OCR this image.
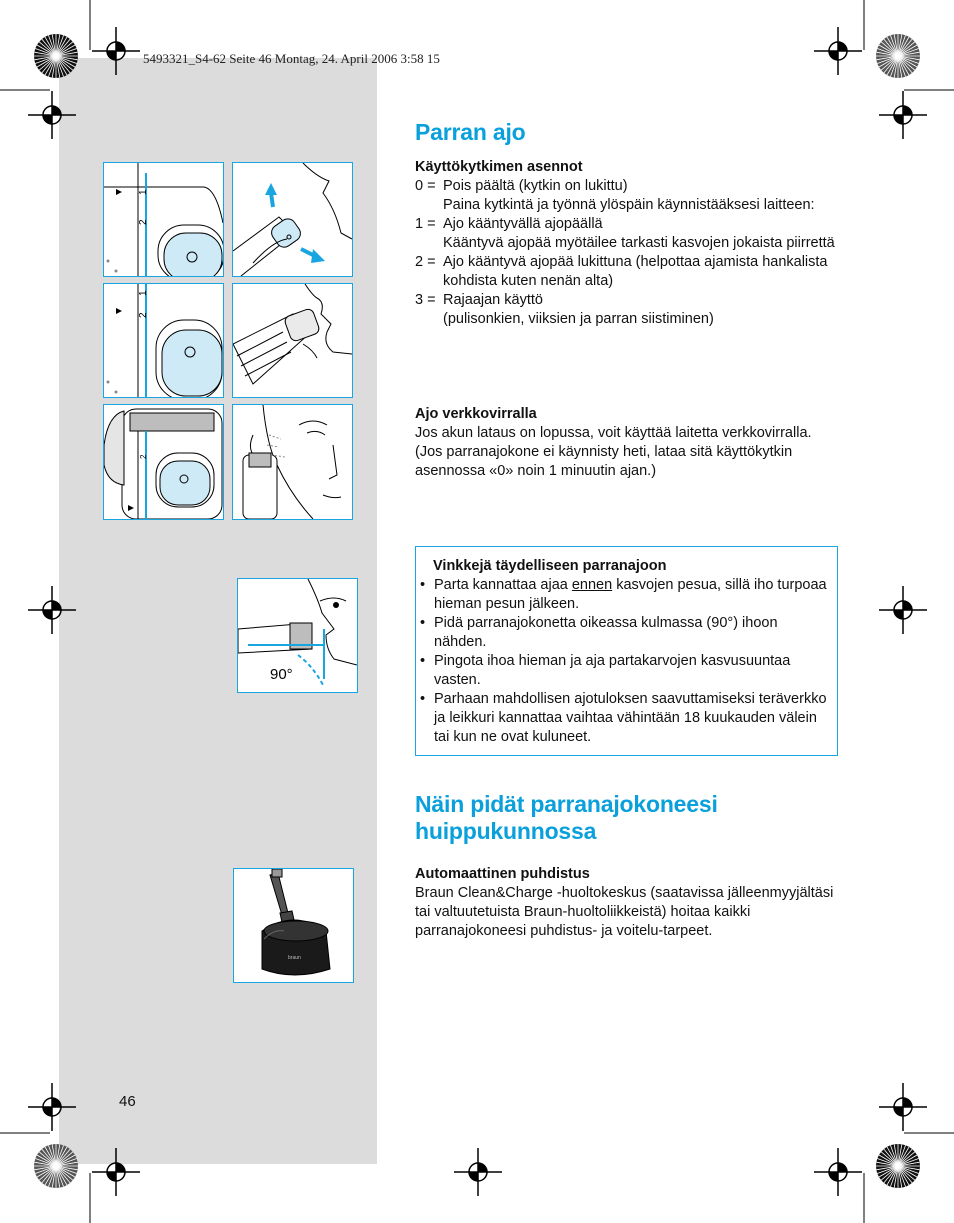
5493321_S4-62 Seite 46 Montag, 24. April 2006 3:58 15
1
2
1
2
2
90°
braun
Parran ajo
Käyttökytkimen asennot
0 = Pois päältä (kytkin on lukittu)
Paina kytkintä ja työnnä ylöspäin käynnistääksesi laitteen:
1 = Ajo kääntyvällä ajopäällä
Kääntyvä ajopää myötäilee tarkasti kasvojen jokaista piirrettä
2 = Ajo kääntyvä ajopää lukittuna (helpottaa ajamista hankalista kohdista kuten nenän alta)
3 = Rajaajan käyttö
(pulisonkien, viiksien ja parran siistiminen)
Ajo verkkovirralla
Jos akun lataus on lopussa, voit käyttää laitetta verkkovirralla. (Jos parranajokone ei käynnisty heti, lataa sitä käyttökytkin asennossa «0» noin 1 minuutin ajan.)
Vinkkejä täydelliseen parranajoon
• Parta kannattaa ajaa ennen kasvojen pesua, sillä iho turpoaa hieman pesun jälkeen.
• Pidä parranajokonetta oikeassa kulmassa (90°) ihoon nähden.
• Pingota ihoa hieman ja aja partakarvojen kasvusuuntaa vasten.
• Parhaan mahdollisen ajotuloksen saavuttamiseksi teräverkko ja leikkuri kannattaa vaihtaa vähintään 18 kuukauden välein tai kun ne ovat kuluneet.
Näin pidät parranajokoneesi huippukunnossa
Automaattinen puhdistus
Braun Clean&Charge -huoltokeskus (saatavissa jälleenmyyjältäsi tai valtuutetuista Braun-huoltoliikkeistä) hoitaa kaikki parranajokoneesi puhdistus- ja voitelu-tarpeet.
46
